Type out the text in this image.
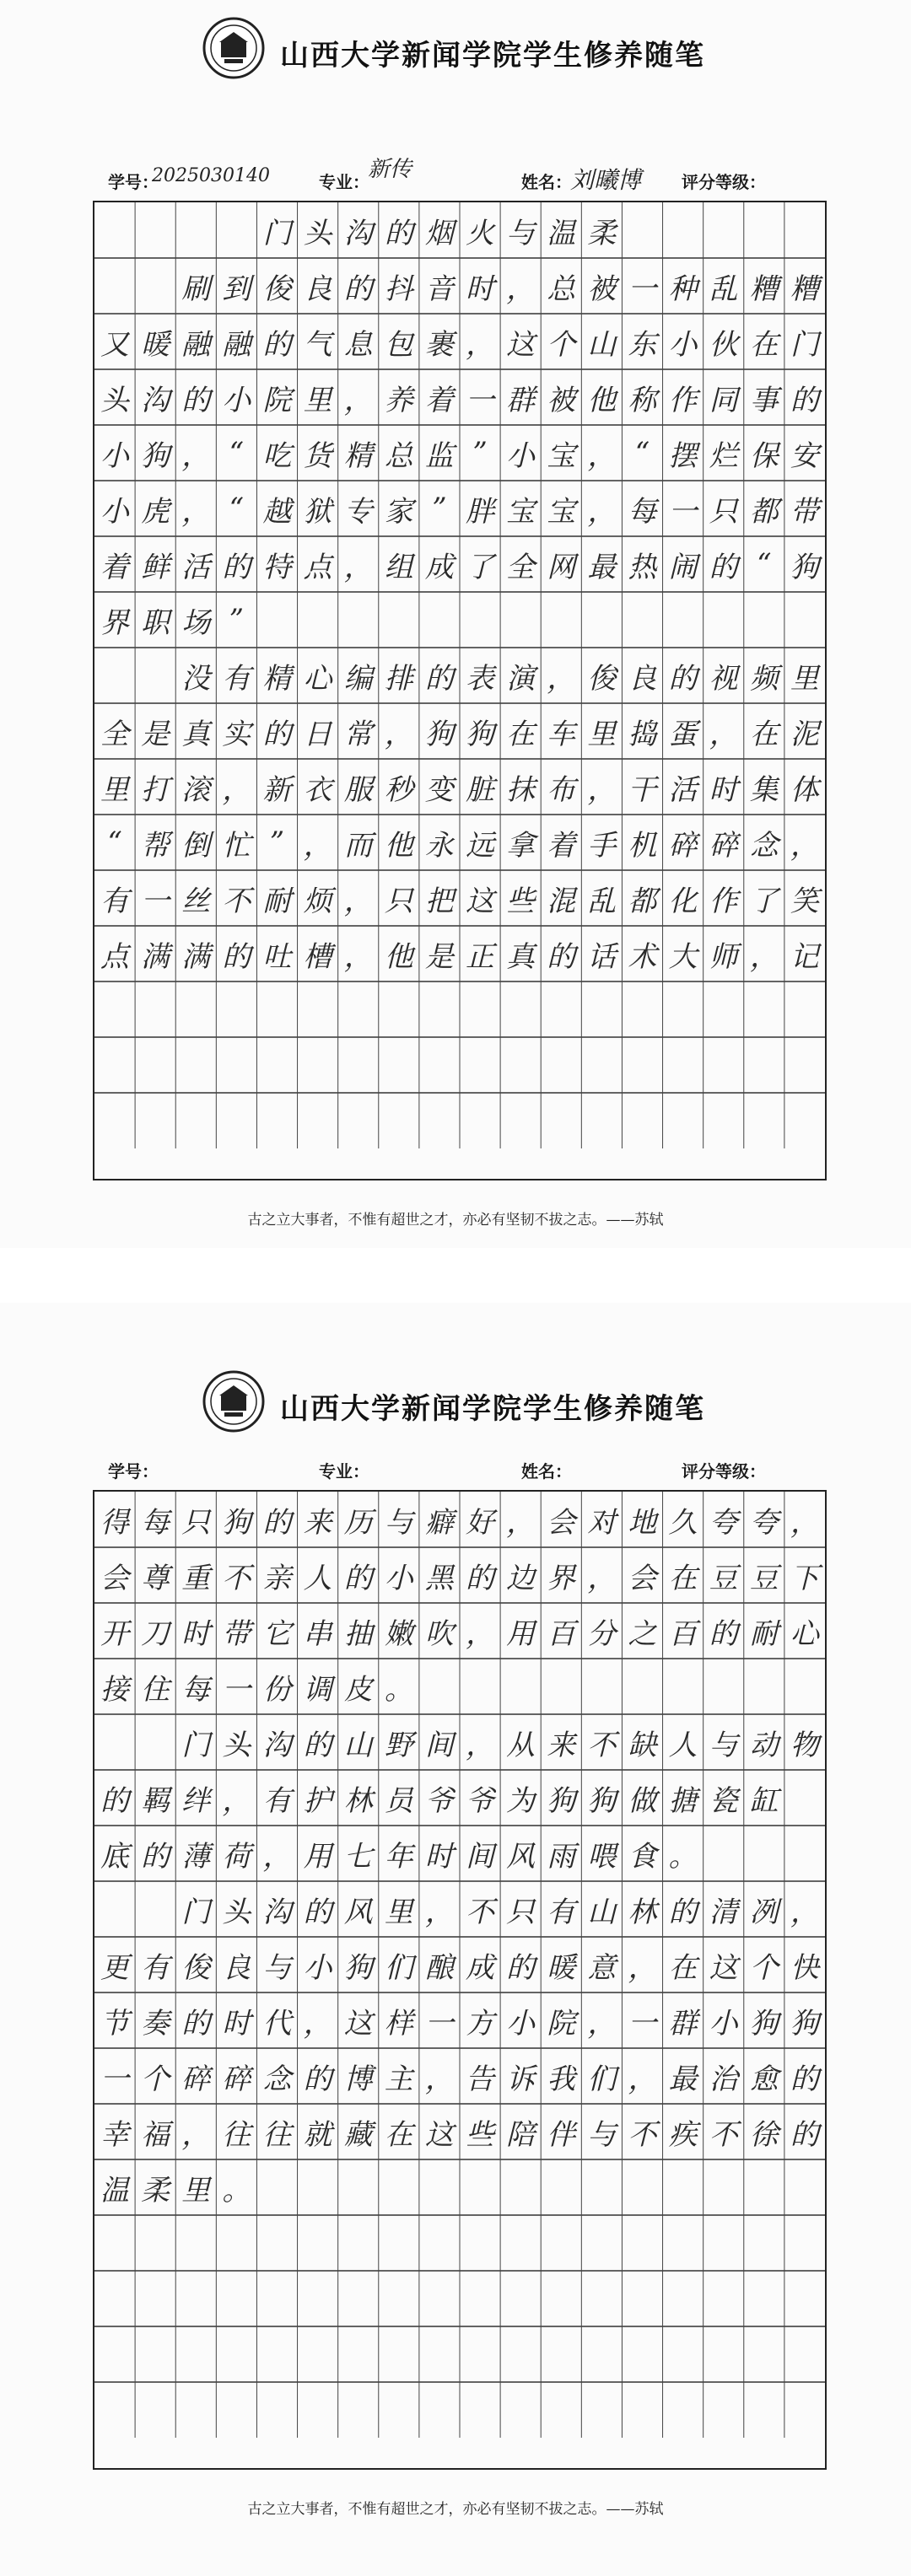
山西大学新闻学院学生修养随笔
学号：
2025030140	专业：
新传	姓名：
刘曦博 评分等级：
门 头 沟 的 烟 火 与 温 柔
刷 到 俊 良 的 抖 音 时 ， 总 被 一 种 乱 糟 糟
又 暖 融 融 的 气 息 包 裹 ， 这 个 山 东 小 伙 在 门
头 沟 的 小 院 里 ， 养 着 一 群 被 他 称 作 同 事 的
小 狗 ， “ 吃 货 精 总 监 ” 小 宝 ， “ 摆 烂 保 安
小 虎 ， “ 越 狱 专 家 ” 胖 宝 宝 ， 每 一 只 都 带
着 鲜 活 的 特 点 ， 组 成 了 全 网 最 热 闹 的 “ 狗
界 职 场 ”
没 有 精 心 编 排 的 表 演 ， 俊 良 的 视 频 里
全 是 真 实 的 日 常 ， 狗 狗 在 车 里 捣 蛋 ， 在 泥
里 打 滚 ， 新 衣 服 秒 变 脏 抹 布 ， 干 活 时 集 体
“ 帮 倒 忙 ” ， 而 他 永 远 拿 着 手 机 碎 碎 念 ，
有 一 丝 不 耐 烦 ， 只 把 这 些 混 乱 都 化 作 了 笑
点 满 满 的 吐 槽 ， 他 是 正 真 的 话 术 大 师 ， 记
古之立大事者，不惟有超世之才，亦必有坚韧不拔之志。——苏轼
山西大学新闻学院学生修养随笔
学号：	专业：	姓名：	评分等级：
得 每 只 狗 的 来 历 与 癖 好 ， 会 对 地 久 夸 夸 ，
会 尊 重 不 亲 人 的 小 黑 的 边 界 ， 会 在 豆 豆 下
开 刀 时 带 它 串 抽 嫩 吹 ， 用 百 分 之 百 的 耐 心
接 住 每 一 份 调 皮 。
门 头 沟 的 山 野 间 ， 从 来 不 缺 人 与 动 物
的 羁 绊 ， 有 护 林 员 爷 爷 为 狗 狗 做 搪 瓷 缸
底 的 薄 荷 ， 用 七 年 时 间 风 雨 喂 食 。
门 头 沟 的 风 里 ， 不 只 有 山 林 的 清 冽 ，
更 有 俊 良 与 小 狗 们 酿 成 的 暖 意 ， 在 这 个 快
节 奏 的 时 代 ， 这 样 一 方 小 院 ， 一 群 小 狗 狗
一 个 碎 碎 念 的 博 主 ， 告 诉 我 们 ， 最 治 愈 的
幸 福 ， 往 往 就 藏 在 这 些 陪 伴 与 不 疾 不 徐 的
温 柔 里 。
古之立大事者，不惟有超世之才，亦必有坚韧不拔之志。——苏轼
